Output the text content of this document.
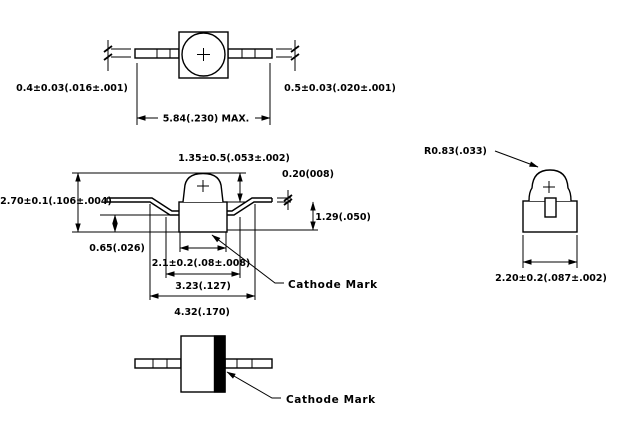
0.4±0.03(.016±.001)	0.5±0.03(.020±.001)
5.84(.230) MAX.
2.70±0.1(.106±.004)
1.35±0.5(.053±.002)
0.20(008)
1.29(.050)
0.65(.026)
2.1±0.2(.08±.008)
3.23(.127)
4.32(.170)
Cathode Mark
2.20±0.2(.087±.002)
R0.83(.033)
Cathode Mark
